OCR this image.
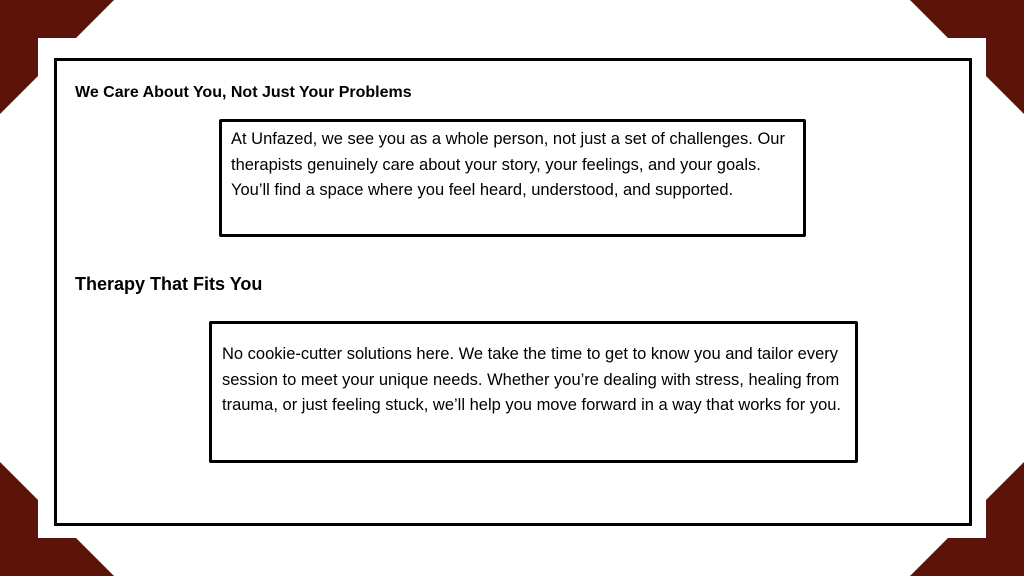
We Care About You, Not Just Your Problems
At Unfazed, we see you as a whole person, not just a set of challenges. Our therapists genuinely care about your story, your feelings, and your goals. You’ll find a space where you feel heard, understood, and supported.
Therapy That Fits You
No cookie-cutter solutions here. We take the time to get to know you and tailor every session to meet your unique needs. Whether you’re dealing with stress, healing from trauma, or just feeling stuck, we’ll help you move forward in a way that works for you.
